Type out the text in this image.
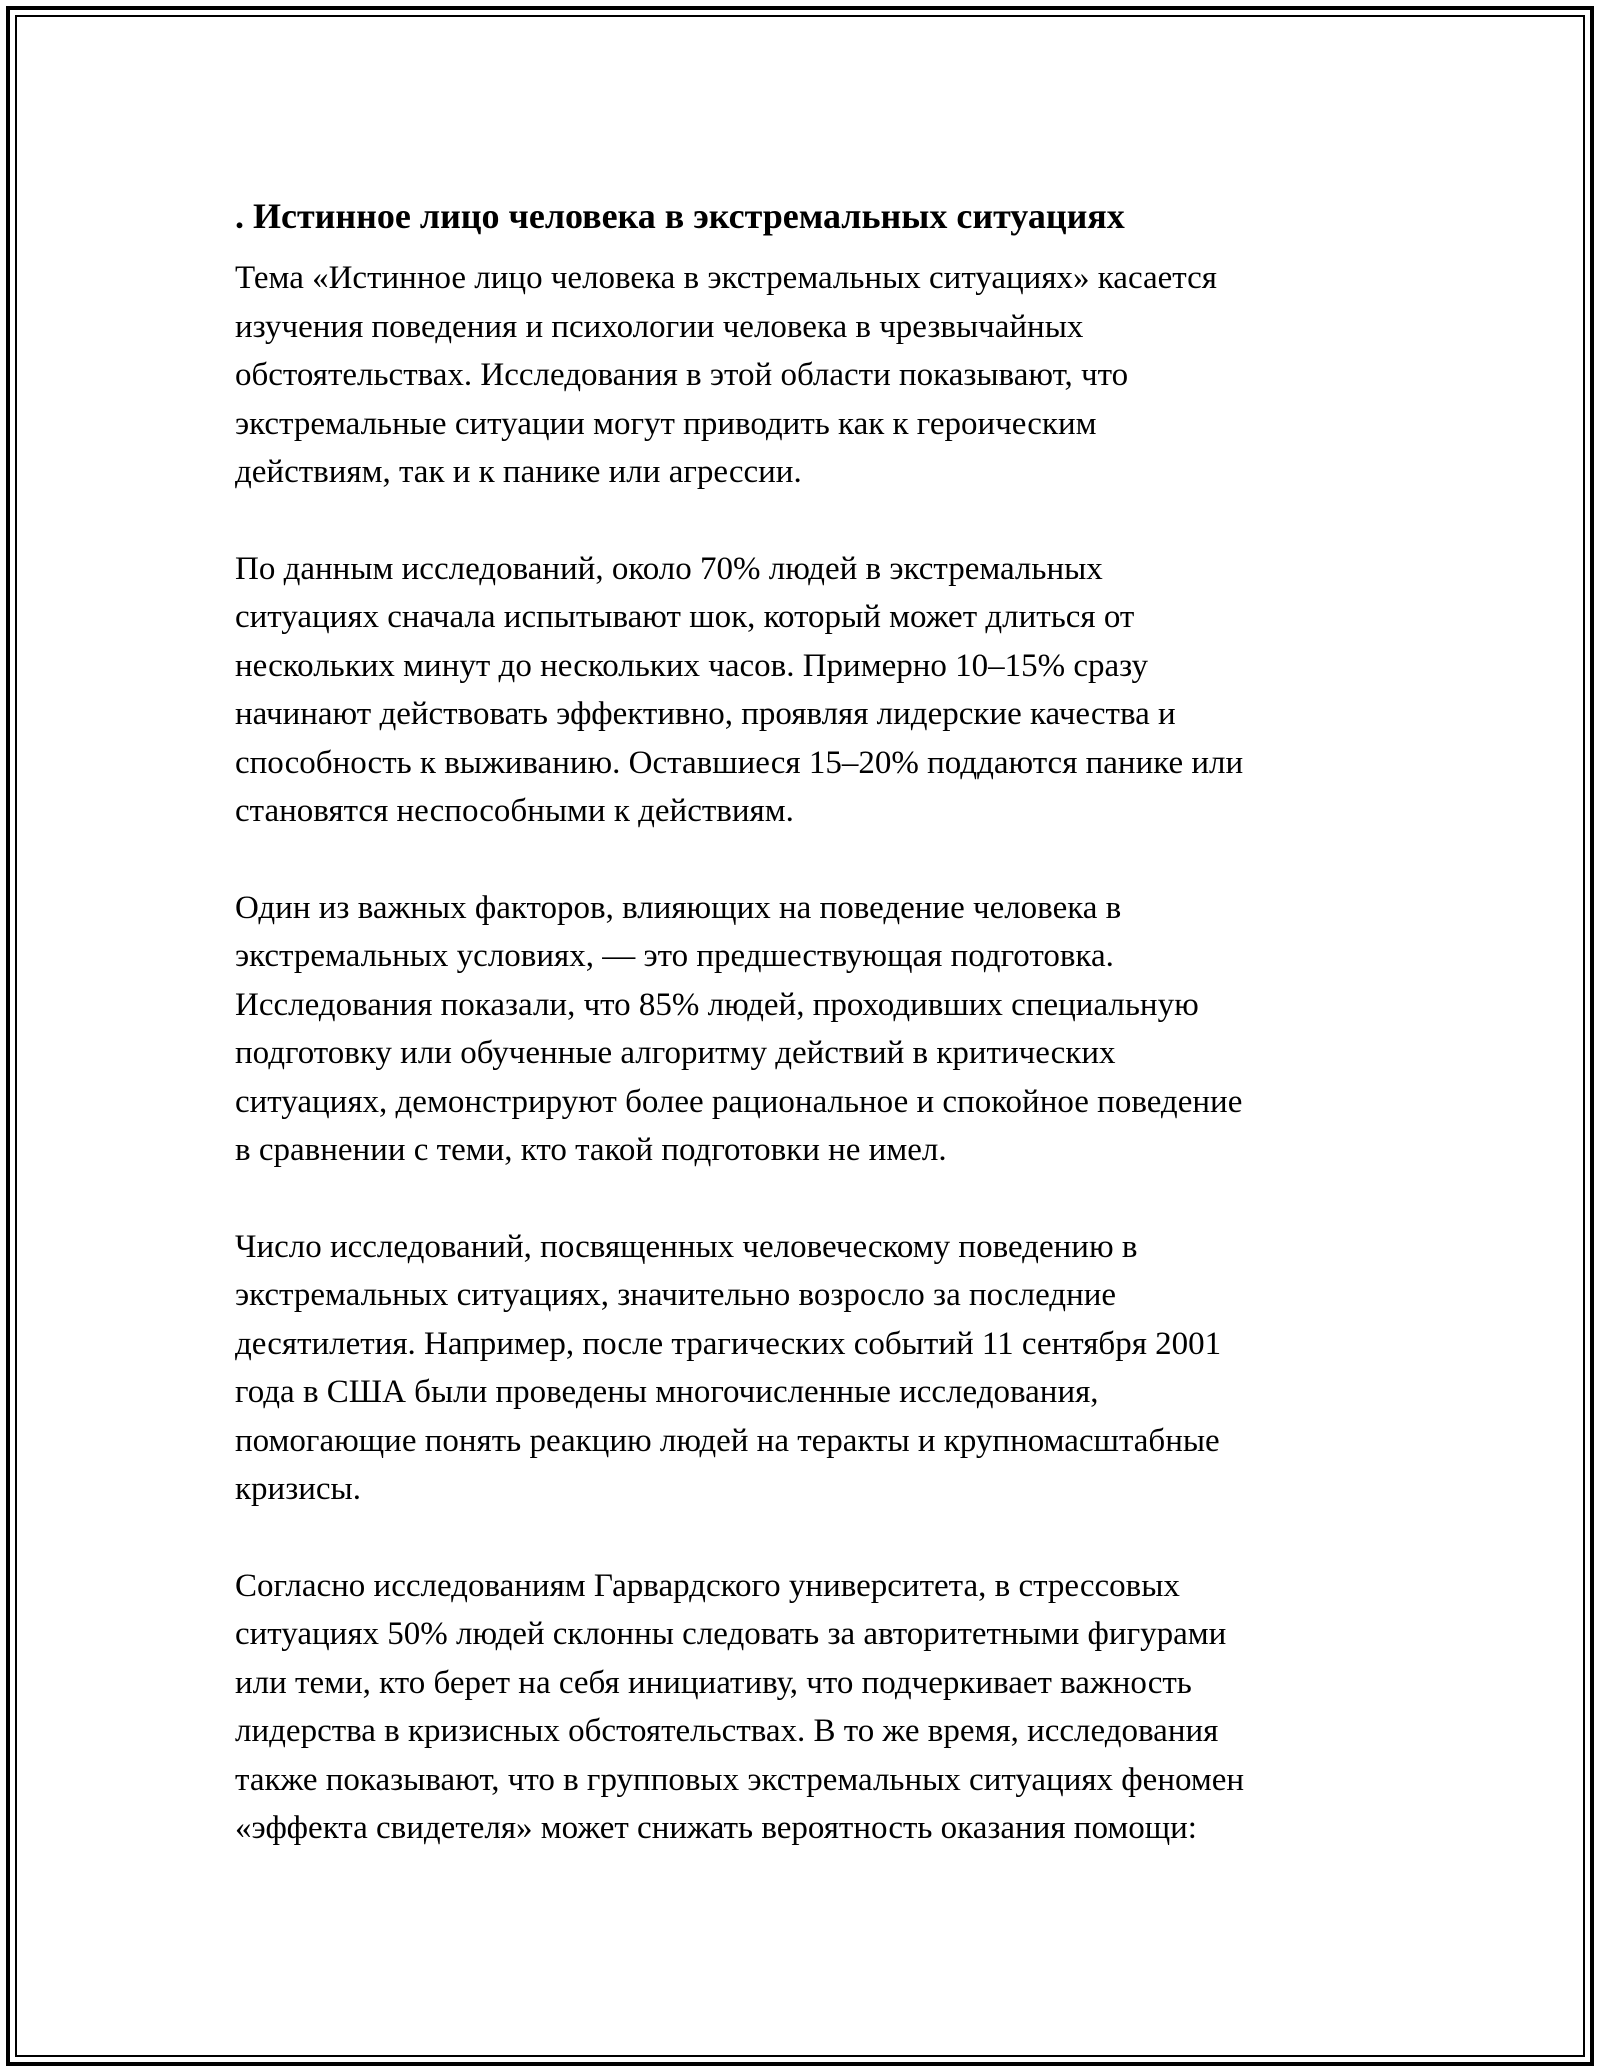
. Истинное лицо человека в экстремальных ситуациях
Тема «Истинное лицо человека в экстремальных ситуациях» касается
изучения поведения и психологии человека в чрезвычайных
обстоятельствах. Исследования в этой области показывают, что
экстремальные ситуации могут приводить как к героическим
действиям, так и к панике или агрессии.
По данным исследований, около 70% людей в экстремальных
ситуациях сначала испытывают шок, который может длиться от
нескольких минут до нескольких часов. Примерно 10–15% сразу
начинают действовать эффективно, проявляя лидерские качества и
способность к выживанию. Оставшиеся 15–20% поддаются панике или
становятся неспособными к действиям.
Один из важных факторов, влияющих на поведение человека в
экстремальных условиях, — это предшествующая подготовка.
Исследования показали, что 85% людей, проходивших специальную
подготовку или обученные алгоритму действий в критических
ситуациях, демонстрируют более рациональное и спокойное поведение
в сравнении с теми, кто такой подготовки не имел.
Число исследований, посвященных человеческому поведению в
экстремальных ситуациях, значительно возросло за последние
десятилетия. Например, после трагических событий 11 сентября 2001
года в США были проведены многочисленные исследования,
помогающие понять реакцию людей на теракты и крупномасштабные
кризисы.
Согласно исследованиям Гарвардского университета, в стрессовых
ситуациях 50% людей склонны следовать за авторитетными фигурами
или теми, кто берет на себя инициативу, что подчеркивает важность
лидерства в кризисных обстоятельствах. В то же время, исследования
также показывают, что в групповых экстремальных ситуациях феномен
«эффекта свидетеля» может снижать вероятность оказания помощи:
